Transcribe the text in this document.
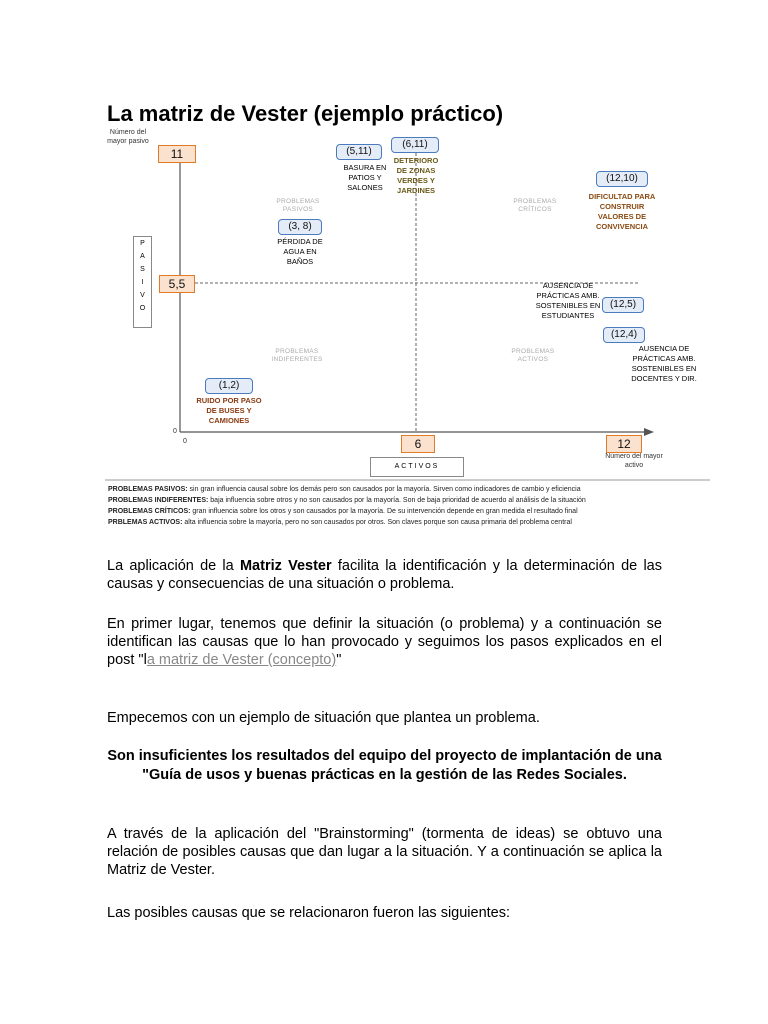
La matriz de Vester (ejemplo práctico)
Número del mayor pasivo
Número del mayor activo
0
0
11
5,5
6	12
P
A
S
I
V
O
ACTIVOS
PROBLEMAS PASIVOS
PROBLEMAS CRÍTICOS
PROBLEMAS INDIFERENTES
PROBLEMAS ACTIVOS
(5,11)
BASURA EN PATIOS Y SALONES
(6,11)
DETERIORO DE ZONAS VERDES Y JARDINES
(12,10)
DIFICULTAD PARA CONSTRUIR VALORES DE CONVIVENCIA
(3, 8)
PÉRDIDA DE AGUA EN BAÑOS
(12,5)
AUSENCIA DE PRÁCTICAS AMB. SOSTENIBLES EN ESTUDIANTES
(12,4)
AUSENCIA DE PRÁCTICAS AMB. SOSTENIBLES EN DOCENTES Y DIR.
(1,2)
RUIDO POR PASO DE BUSES Y CAMIONES
PROBLEMAS PASIVOS: sin gran influencia causal sobre los demás pero son causados por la mayoría. Sirven como indicadores de cambio y eficiencia
PROBLEMAS INDIFERENTES: baja influencia sobre otros y no son causados por la mayoría. Son de baja prioridad de acuerdo al análisis de la situación
PROBLEMAS CRÍTICOS: gran influencia sobre los otros y son causados por la mayoría. De su intervención depende en gran medida el resultado final
PRBLEMAS ACTIVOS: alta influencia sobre la mayoría, pero no son causados por otros. Son claves porque son causa primaria del problema central
La aplicación de la Matriz Vester facilita la identificación y la determinación de las causas y consecuencias de una situación o problema.
En primer lugar, tenemos que definir la situación (o problema) y a continuación se identifican las causas que lo han provocado y seguimos los pasos explicados en el post "la matriz de Vester (concepto)"
Empecemos con un ejemplo de situación que plantea un problema.
Son insuficientes los resultados del equipo del proyecto de implantación de una "Guía de usos y buenas prácticas en la gestión de las Redes Sociales.
A través de la aplicación del "Brainstorming" (tormenta de ideas) se obtuvo una relación de posibles causas que dan lugar a la situación. Y a continuación se aplica la Matriz de Vester.
Las posibles causas que se relacionaron fueron las siguientes:
